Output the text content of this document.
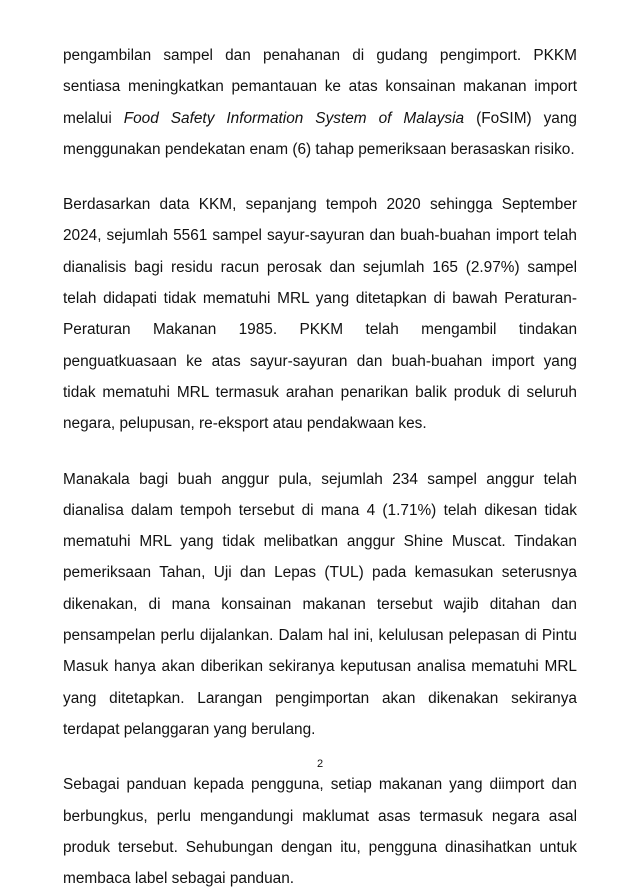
pengambilan sampel dan penahanan di gudang pengimport. PKKM sentiasa meningkatkan pemantauan ke atas konsainan makanan import melalui Food Safety Information System of Malaysia (FoSIM) yang menggunakan pendekatan enam (6) tahap pemeriksaan berasaskan risiko.

Berdasarkan data KKM, sepanjang tempoh 2020 sehingga September 2024, sejumlah 5561 sampel sayur-sayuran dan buah-buahan import telah dianalisis bagi residu racun perosak dan sejumlah 165 (2.97%) sampel telah didapati tidak mematuhi MRL yang ditetapkan di bawah Peraturan-Peraturan Makanan 1985. PKKM telah mengambil tindakan penguatkuasaan ke atas sayur-sayuran dan buah-buahan import yang tidak mematuhi MRL termasuk arahan penarikan balik produk di seluruh negara, pelupusan, re-eksport atau pendakwaan kes.

Manakala bagi buah anggur pula, sejumlah 234 sampel anggur telah dianalisa dalam tempoh tersebut di mana 4 (1.71%) telah dikesan tidak mematuhi MRL yang tidak melibatkan anggur Shine Muscat. Tindakan pemeriksaan Tahan, Uji dan Lepas (TUL) pada kemasukan seterusnya dikenakan, di mana konsainan makanan tersebut wajib ditahan dan pensampelan perlu dijalankan. Dalam hal ini, kelulusan pelepasan di Pintu Masuk hanya akan diberikan sekiranya keputusan analisa mematuhi MRL yang ditetapkan. Larangan pengimportan akan dikenakan sekiranya terdapat pelanggaran yang berulang.

Sebagai panduan kepada pengguna, setiap makanan yang diimport dan berbungkus, perlu mengandungi maklumat asas termasuk negara asal produk tersebut. Sehubungan dengan itu, pengguna dinasihatkan untuk membaca label sebagai panduan.

2
